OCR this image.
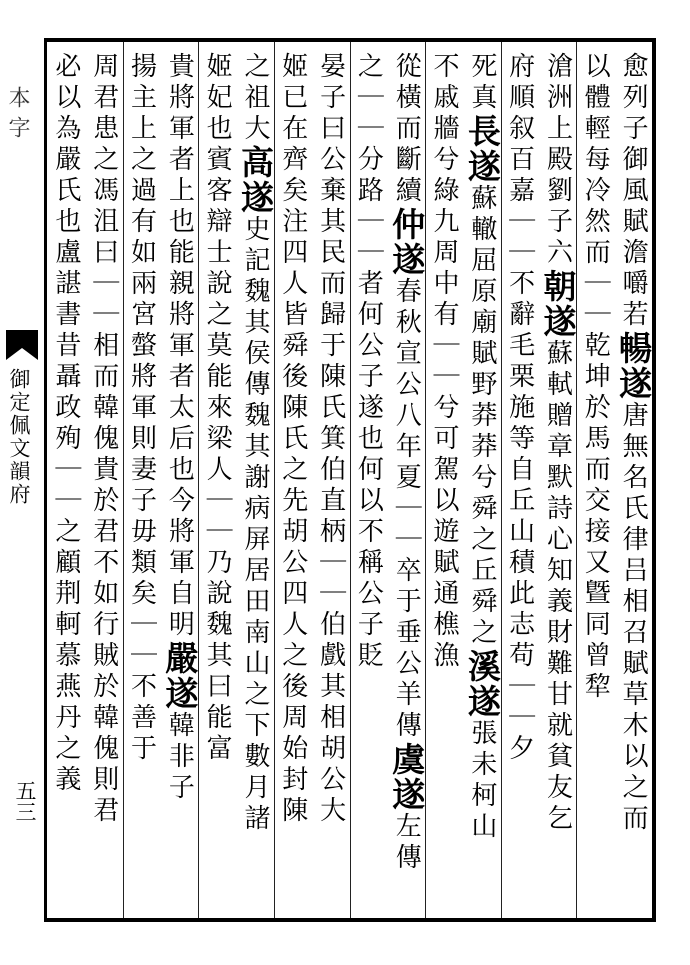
本字
御定佩文韻府
五三
愈列子御風賦澹嚼若暢遂唐無名氏律吕相召賦草木以之而
以體輕每冷然而｜｜乾坤於馬而交接又曁同曾犂
滄洲上殿劉子六朝遂蘇軾贈章默詩心知義財難甘就貧友乞
府順叙百嘉｜｜不辭毛栗施等自丘山積此志苟｜｜夕
死真長遂蘇轍屈原廟賦野莽莽兮舜之丘舜之溪遂張未柯山
不戚牆兮綠九周中有｜｜兮可駕以遊賦通樵漁
從橫而斷續仲遂春秋宣公八年夏｜｜卒于垂公羊傳虞遂左傳
之｜｜分路｜｜者何公子遂也何以不稱公子貶
晏子曰公棄其民而歸于陳氏箕伯直柄｜｜伯戲其相胡公大
姬已在齊矣注四人皆舜後陳氏之先胡公四人之後周始封陳
之祖大高遂史記魏其侯傳魏其謝病屏居田南山之下數月諸
姬妃也賓客辯士說之莫能來梁人｜｜乃說魏其曰能富
貴將軍者上也能親將軍者太后也今將軍自明嚴遂韓非子
揚主上之過有如兩宮螫將軍則妻子毋類矣｜｜不善于
周君患之馮沮曰｜｜相而韓傀貴於君不如行賊於韓傀則君
必以為嚴氏也盧諶書昔聶政殉｜｜之顧荆軻慕燕丹之義
